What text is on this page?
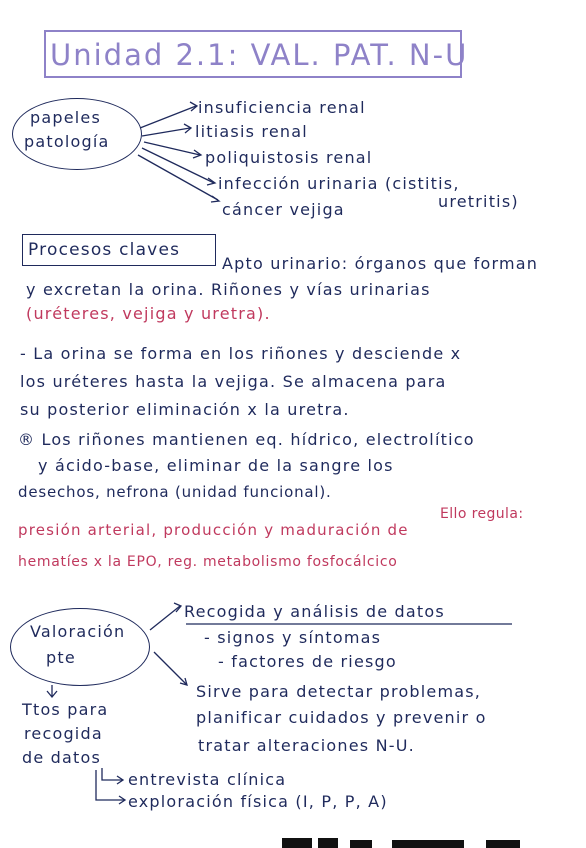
Unidad 2.1: VAL. PAT. N-U
papeles
patología
insuficiencia renal
litiasis renal
poliquistosis renal
infección urinaria (cistitis,
uretritis)
cáncer vejiga
Procesos claves
Apto urinario: órganos que forman
y excretan la orina. Riñones y vías urinarias
(uréteres, vejiga y uretra).
- La orina se forma en los riñones y desciende x
los uréteres hasta la vejiga. Se almacena para
su posterior eliminación x la uretra.
® Los riñones mantienen eq. hídrico, electrolítico
y ácido-base, eliminar de la sangre los
desechos, nefrona (unidad funcional).
Ello regula:
presión arterial, producción y maduración de
hematíes x la EPO, reg. metabolismo fosfocálcico
Valoración
pte
Recogida y análisis de datos
- signos y síntomas
- factores de riesgo
Sirve para detectar problemas,
planificar cuidados y prevenir o
tratar alteraciones N-U.
Ttos para
recogida
de datos
entrevista clínica
exploración física (I, P, P, A)
